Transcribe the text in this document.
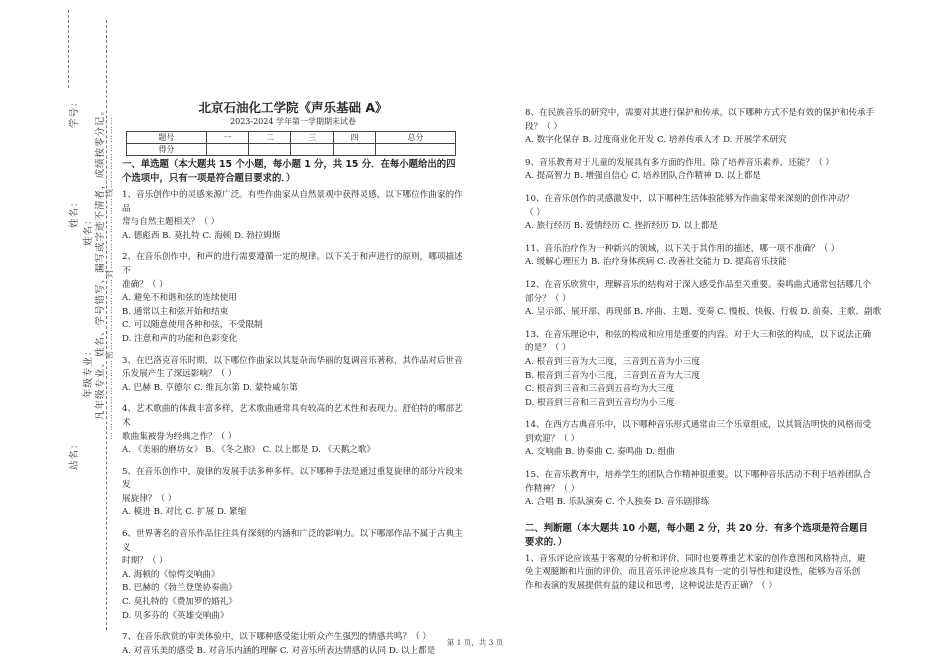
学号：
姓名：
站名：
姓名：
年级专业： 凡年级专业、姓名、学号错写、漏写或字迹不清者，成绩按零分记。 ………………………密……………………封……………………线……………………
北京石油化工学院《声乐基础 A》
2023-2024 学年第一学期期末试卷
题号	一	二	三	四	总分
得分					
一、单选题（本大题共 15 个小题，每小题 1 分，共 15 分．在每小题给出的四个选项中，只有一项是符合题目要求的．）

1、音乐创作中的灵感来源广泛。有些作曲家从自然景观中获得灵感，以下哪位作曲家的作品

常与自然主题相关？（ ）

A. 德彪西 B. 莫扎特 C. 海顿 D. 勃拉姆斯

2、在音乐创作中，和声的进行需要遵循一定的规律。以下关于和声进行的原则，哪项描述不

准确？（ ）

A. 避免不和谐和弦的连续使用

B. 通常以主和弦开始和结束

C. 可以随意使用各种和弦，不受限制

D. 注意和声的功能和色彩变化

3、在巴洛克音乐时期，以下哪位作曲家以其复杂而华丽的复调音乐著称，其作品对后世音

乐发展产生了深远影响？（ ）

A. 巴赫 B. 亨德尔 C. 维瓦尔第 D. 蒙特威尔第

4、艺术歌曲的体裁丰富多样，艺术歌曲通常具有较高的艺术性和表现力。舒伯特的哪部艺术

歌曲集被誉为经典之作？（ ）

A. 《美丽的磨坊女》 B. 《冬之旅》 C. 以上都是 D. 《天鹅之歌》

5、在音乐创作中，旋律的发展手法多种多样。以下哪种手法是通过重复旋律的部分片段来发

展旋律？（ ）

A. 模进 B. 对比 C. 扩展 D. 紧缩

6、世界著名的音乐作品往往具有深刻的内涵和广泛的影响力。以下哪部作品不属于古典主义

时期？（ ）

A. 海顿的《惊愕交响曲》

B. 巴赫的《勃兰登堡协奏曲》

C. 莫扎特的《费加罗的婚礼》

D. 贝多芬的《英雄交响曲》

7、在音乐欣赏的审美体验中，以下哪种感受能让听众产生强烈的情感共鸣？（ ）

A. 对音乐美的感受 B. 对音乐内涵的理解 C. 对音乐所表达情感的认同 D. 以上都是

8、在民族音乐的研究中，需要对其进行保护和传承。以下哪种方式不是有效的保护和传承手

段？（ ）

A. 数字化保存 B. 过度商业化开发 C. 培养传承人才 D. 开展学术研究

9、音乐教育对于儿童的发展具有多方面的作用。除了培养音乐素养，还能？（ ）

A. 提高智力 B. 增强自信心 C. 培养团队合作精神 D. 以上都是

10、在音乐创作的灵感激发中，以下哪种生活体验能够为作曲家带来深刻的创作冲动？

（ ）

A. 旅行经历 B. 爱情经历 C. 挫折经历 D. 以上都是

11、音乐治疗作为一种新兴的领域，以下关于其作用的描述，哪一项不准确？（ ）

A. 缓解心理压力 B. 治疗身体疾病 C. 改善社交能力 D. 提高音乐技能

12、在音乐欣赏中，理解音乐的结构对于深入感受作品至关重要。奏鸣曲式通常包括哪几个

部分？（ ）

A. 呈示部、展开部、再现部 B. 序曲、主题、变奏 C. 慢板、快板、行板 D. 前奏、主歌、副歌

13、在音乐理论中，和弦的构成和应用是重要的内容。对于大三和弦的构成，以下说法正确

的是？（ ）

A. 根音到三音为大三度，三音到五音为小三度

B. 根音到三音为小三度，三音到五音为大三度

C. 根音到三音和三音到五音均为大三度

D. 根音到三音和三音到五音均为小三度

14、在西方古典音乐中，以下哪种音乐形式通常由三个乐章组成，以其简洁明快的风格而受

到欢迎？（ ）

A. 交响曲 B. 协奏曲 C. 奏鸣曲 D. 组曲

15、在音乐教育中，培养学生的团队合作精神很重要。以下哪种音乐活动不利于培养团队合

作精神？（ ）

A. 合唱 B. 乐队演奏 C. 个人独奏 D. 音乐剧排练

二、判断题（本大题共 10 小题，每小题 2 分，共 20 分．有多个选项是符合题目
要求的．）

1、音乐评论应该基于客观的分析和评价，同时也要尊重艺术家的创作意图和风格特点，避

免主观臆断和片面的评价，而且音乐评论应该具有一定的引导性和建设性，能够为音乐创

作和表演的发展提供有益的建议和思考，这种说法是否正确？（ ）

第 1 页，共 3 页
